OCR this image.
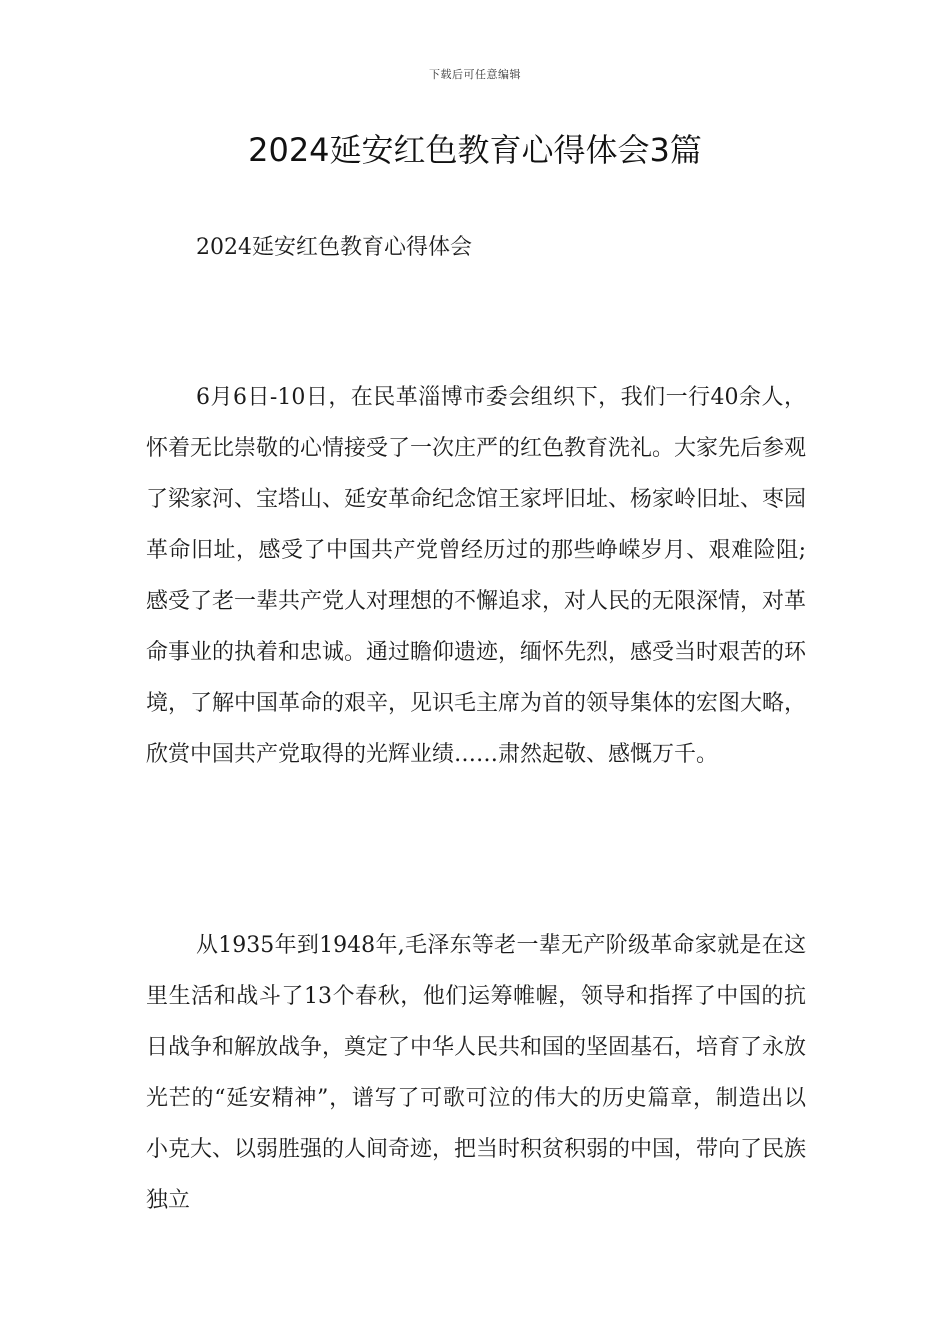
下载后可任意编辑
2024延安红色教育心得体会3篇
2024延安红色教育心得体会

6月6日-10日，在民革淄博市委会组织下，我们一行40余人，怀着无比崇敬的心情接受了一次庄严的红色教育洗礼。大家先后参观了梁家河、宝塔山、延安革命纪念馆王家坪旧址、杨家岭旧址、枣园革命旧址，感受了中国共产党曾经历过的那些峥嵘岁月、艰难险阻;感受了老一辈共产党人对理想的不懈追求，对人民的无限深情，对革命事业的执着和忠诚。通过瞻仰遗迹，缅怀先烈，感受当时艰苦的环境，了解中国革命的艰辛，见识毛主席为首的领导集体的宏图大略，欣赏中国共产党取得的光辉业绩……肃然起敬、感慨万千。

从1935年到1948年,毛泽东等老一辈无产阶级革命家就是在这里生活和战斗了13个春秋，他们运筹帷幄，领导和指挥了中国的抗日战争和解放战争，奠定了中华人民共和国的坚固基石，培育了永放光芒的“延安精神”，谱写了可歌可泣的伟大的历史篇章，制造出以小克大、以弱胜强的人间奇迹，把当时积贫积弱的中国，带向了民族独立
